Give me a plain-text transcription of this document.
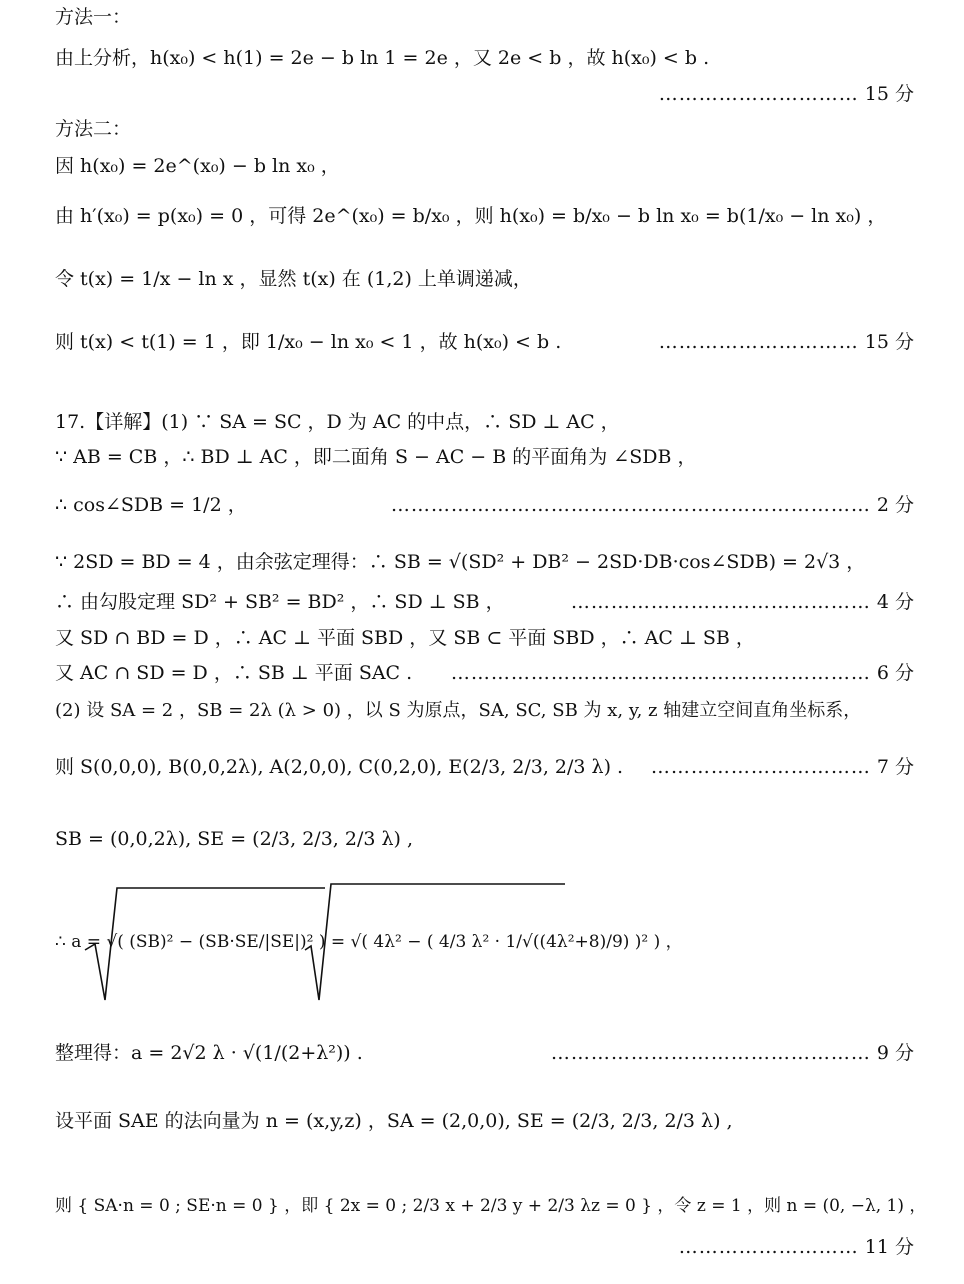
方法一：
由上分析，h(x₀) < h(1) = 2e − b ln 1 = 2e ，又 2e < b ，故 h(x₀) < b .
………………………… 15 分
方法二：
因 h(x₀) = 2e^(x₀) − b ln x₀ ，
由 h′(x₀) = p(x₀) = 0 ，可得 2e^(x₀) = b/x₀ ，则 h(x₀) = b/x₀ − b ln x₀ = b(1/x₀ − ln x₀) ，
令 t(x) = 1/x − ln x ，显然 t(x) 在 (1,2) 上单调递减，
则 t(x) < t(1) = 1 ，即 1/x₀ − ln x₀ < 1 ，故 h(x₀) < b .	………………………… 15 分
17.【详解】(1) ∵ SA = SC ，D 为 AC 的中点，∴ SD ⊥ AC ，
∵ AB = CB ，∴ BD ⊥ AC ，即二面角 S − AC − B 的平面角为 ∠SDB ，
∴ cos∠SDB = 1/2 ，	……………………………………………………………… 2 分
∵ 2SD = BD = 4 ，由余弦定理得：∴ SB = √(SD² + DB² − 2SD·DB·cos∠SDB) = 2√3 ，
∴ 由勾股定理 SD² + SB² = BD² ，∴ SD ⊥ SB ，	……………………………………… 4 分
又 SD ∩ BD = D ，∴ AC ⊥ 平面 SBD ，又 SB ⊂ 平面 SBD ，∴ AC ⊥ SB ，
又 AC ∩ SD = D ，∴ SB ⊥ 平面 SAC .	……………………………………………………… 6 分
(2) 设 SA = 2 ，SB = 2λ (λ > 0) ，以 S 为原点，SA, SC, SB 为 x, y, z 轴建立空间直角坐标系，
则 S(0,0,0), B(0,0,2λ), A(2,0,0), C(0,2,0), E(2/3, 2/3, 2/3 λ) .	…………………………… 7 分
SB = (0,0,2λ), SE = (2/3, 2/3, 2/3 λ) ,
∴ a = √( (SB)² − (SB·SE/|SE|)² ) = √( 4λ² − ( 4/3 λ² · 1/√((4λ²+8)/9) )² ) ，
整理得：a = 2√2 λ · √(1/(2+λ²)) .	………………………………………… 9 分
设平面 SAE 的法向量为 n = (x,y,z) ，SA = (2,0,0), SE = (2/3, 2/3, 2/3 λ) ,
则 { SA·n = 0 ; SE·n = 0 } ，即 { 2x = 0 ; 2/3 x + 2/3 y + 2/3 λz = 0 } ，令 z = 1 ，则 n = (0, −λ, 1) ，
……………………… 11 分
